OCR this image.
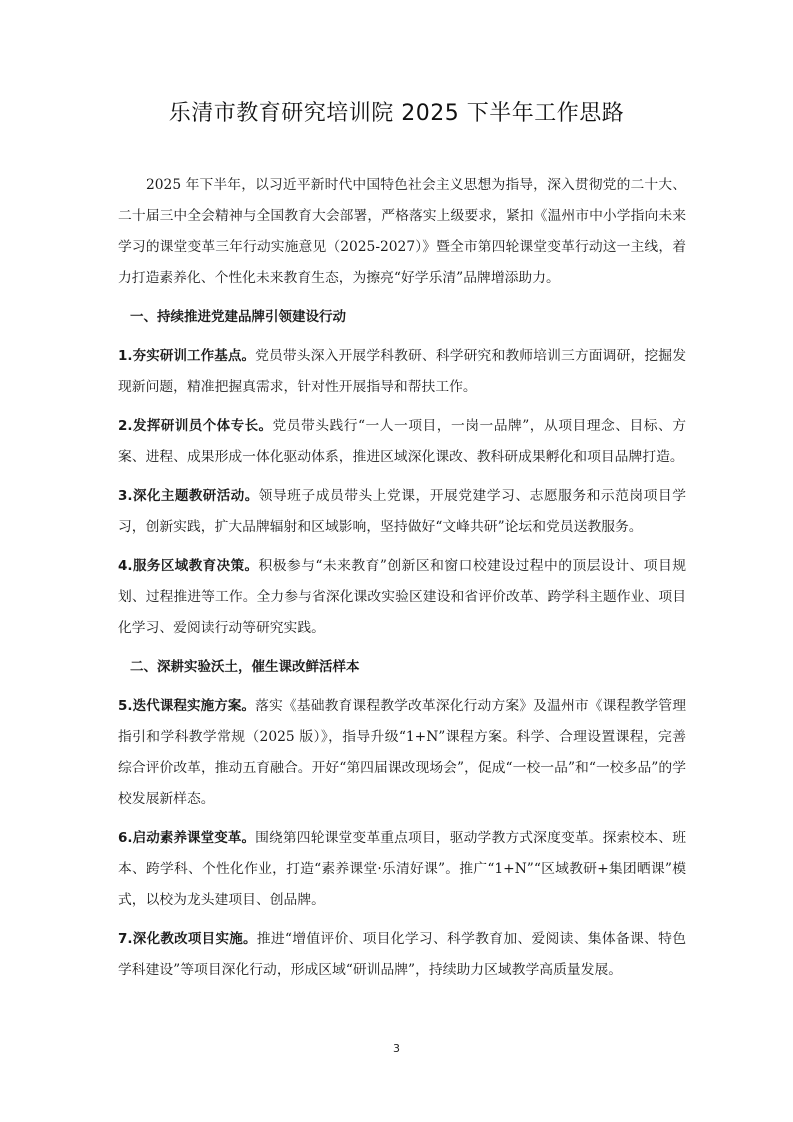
乐清市教育研究培训院 2025 下半年工作思路

2025 年下半年，以习近平新时代中国特色社会主义思想为指导，深入贯彻党的二十大、二十届三中全会精神与全国教育大会部署，严格落实上级要求，紧扣《温州市中小学指向未来学习的课堂变革三年行动实施意见（2025-2027）》暨全市第四轮课堂变革行动这一主线，着力打造素养化、个性化未来教育生态，为擦亮“好学乐清”品牌增添助力。

一、持续推进党建品牌引领建设行动

1.夯实研训工作基点。党员带头深入开展学科教研、科学研究和教师培训三方面调研，挖掘发现新问题，精准把握真需求，针对性开展指导和帮扶工作。

2.发挥研训员个体专长。党员带头践行“一人一项目，一岗一品牌”，从项目理念、目标、方案、进程、成果形成一体化驱动体系，推进区域深化课改、教科研成果孵化和项目品牌打造。

3.深化主题教研活动。领导班子成员带头上党课，开展党建学习、志愿服务和示范岗项目学习，创新实践，扩大品牌辐射和区域影响，坚持做好“文峰共研”论坛和党员送教服务。

4.服务区域教育决策。积极参与“未来教育”创新区和窗口校建设过程中的顶层设计、项目规划、过程推进等工作。全力参与省深化课改实验区建设和省评价改革、跨学科主题作业、项目化学习、爱阅读行动等研究实践。

二、深耕实验沃土，催生课改鲜活样本

5.迭代课程实施方案。落实《基础教育课程教学改革深化行动方案》及温州市《课程教学管理指引和学科教学常规（2025 版）》，指导升级“1+N”课程方案。科学、合理设置课程，完善综合评价改革，推动五育融合。开好“第四届课改现场会”，促成“一校一品”和“一校多品”的学校发展新样态。

6.启动素养课堂变革。围绕第四轮课堂变革重点项目，驱动学教方式深度变革。探索校本、班本、跨学科、个性化作业，打造“素养课堂·乐清好课”。推广“1+N”“区域教研+集团晒课”模式，以校为龙头建项目、创品牌。

7.深化教改项目实施。推进“增值评价、项目化学习、科学教育加、爱阅读、集体备课、特色学科建设”等项目深化行动，形成区域“研训品牌”，持续助力区域教学高质量发展。

3
